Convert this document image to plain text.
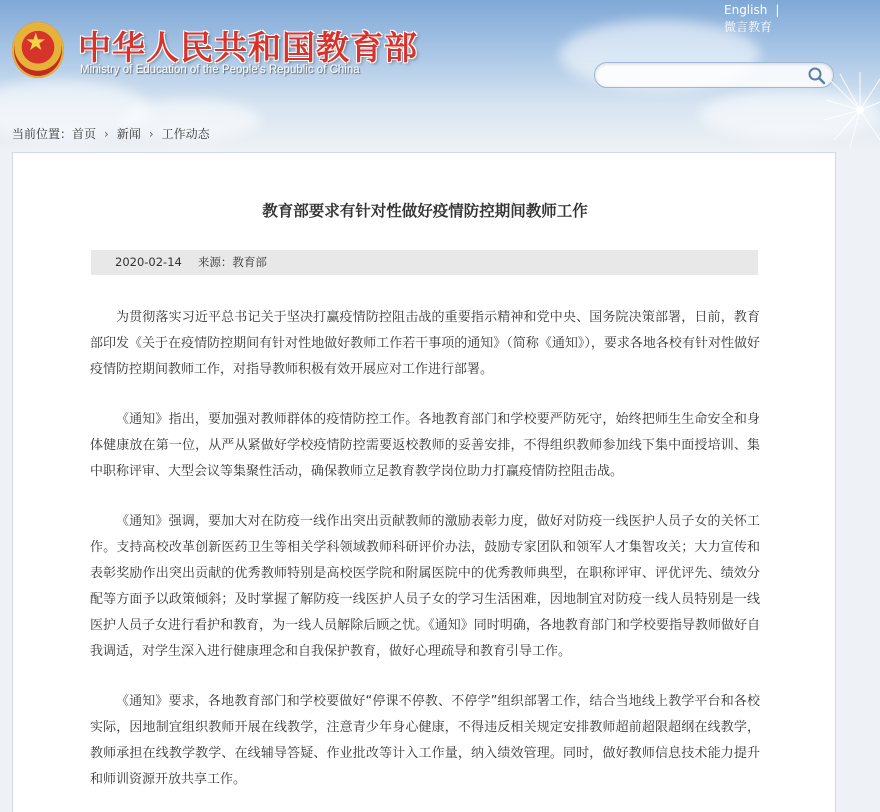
★ 中华人民共和国教育部
Ministry of Education of the People's Republic of China
English |
微言教育
当前位置：首页 › 新闻 › 工作动态
教育部要求有针对性做好疫情防控期间教师工作
2020-02-14 来源：教育部

为贯彻落实习近平总书记关于坚决打赢疫情防控阻击战的重要指示精神和党中央、国务院决策部署，日前，教育部印发《关于在疫情防控期间有针对性地做好教师工作若干事项的通知》（简称《通知》），要求各地各校有针对性做好疫情防控期间教师工作，对指导教师积极有效开展应对工作进行部署。

《通知》指出，要加强对教师群体的疫情防控工作。各地教育部门和学校要严防死守，始终把师生生命安全和身体健康放在第一位，从严从紧做好学校疫情防控需要返校教师的妥善安排，不得组织教师参加线下集中面授培训、集中职称评审、大型会议等集聚性活动，确保教师立足教育教学岗位助力打赢疫情防控阻击战。

《通知》强调，要加大对在防疫一线作出突出贡献教师的激励表彰力度，做好对防疫一线医护人员子女的关怀工作。支持高校改革创新医药卫生等相关学科领域教师科研评价办法，鼓励专家团队和领军人才集智攻关；大力宣传和表彰奖励作出突出贡献的优秀教师特别是高校医学院和附属医院中的优秀教师典型，在职称评审、评优评先、绩效分配等方面予以政策倾斜；及时掌握了解防疫一线医护人员子女的学习生活困难，因地制宜对防疫一线人员特别是一线医护人员子女进行看护和教育，为一线人员解除后顾之忧。《通知》同时明确，各地教育部门和学校要指导教师做好自我调适，对学生深入进行健康理念和自我保护教育，做好心理疏导和教育引导工作。

《通知》要求，各地教育部门和学校要做好“停课不停教、不停学”组织部署工作，结合当地线上教学平台和各校实际，因地制宜组织教师开展在线教学，注意青少年身心健康，不得违反相关规定安排教师超前超限超纲在线教学，教师承担在线教学教学、在线辅导答疑、作业批改等计入工作量，纳入绩效管理。同时，做好教师信息技术能力提升和师训资源开放共享工作。
